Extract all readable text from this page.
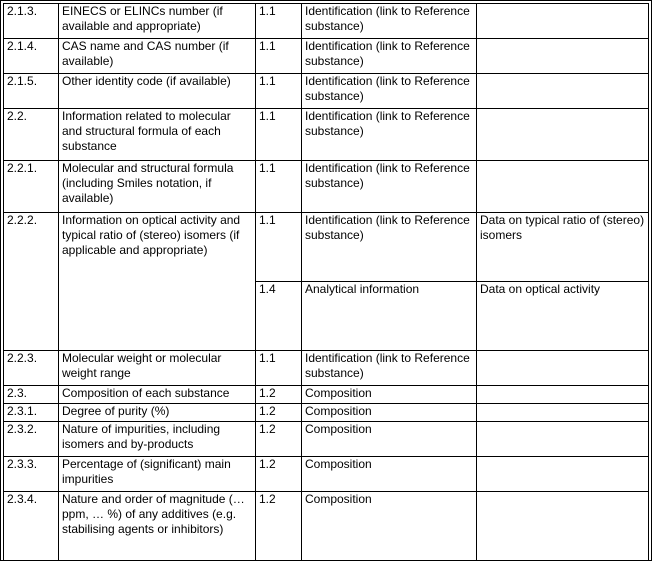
2.1.3.	EINECS or ELINCs number (if available and appropriate)	1.1	Identification (link to Reference substance)	
2.1.4.	CAS name and CAS number (if available)	1.1	Identification (link to Reference substance)	
2.1.5.	Other identity code (if available)	1.1	Identification (link to Reference substance)	
2.2.	Information related to molecular and structural formula of each substance	1.1	Identification (link to Reference substance)	
2.2.1.	Molecular and structural formula (including Smiles notation, if available)	1.1	Identification (link to Reference substance)	
2.2.2.	Information on optical activity and typical ratio of (stereo) isomers (if applicable and appropriate)	1.1	Identification (link to Reference substance)	Data on typical ratio of (stereo) isomers
		1.4	Analytical information	Data on optical activity
2.2.3.	Molecular weight or molecular weight range	1.1	Identification (link to Reference substance)	
2.3.	Composition of each substance	1.2	Composition	
2.3.1.	Degree of purity (%)	1.2	Composition	
2.3.2.	Nature of impurities, including isomers and by-products	1.2	Composition	
2.3.3.	Percentage of (significant) main impurities	1.2	Composition	
2.3.4.	Nature and order of magnitude (… ppm, … %) of any additives (e.g. stabilising agents or inhibitors)	1.2	Composition	
